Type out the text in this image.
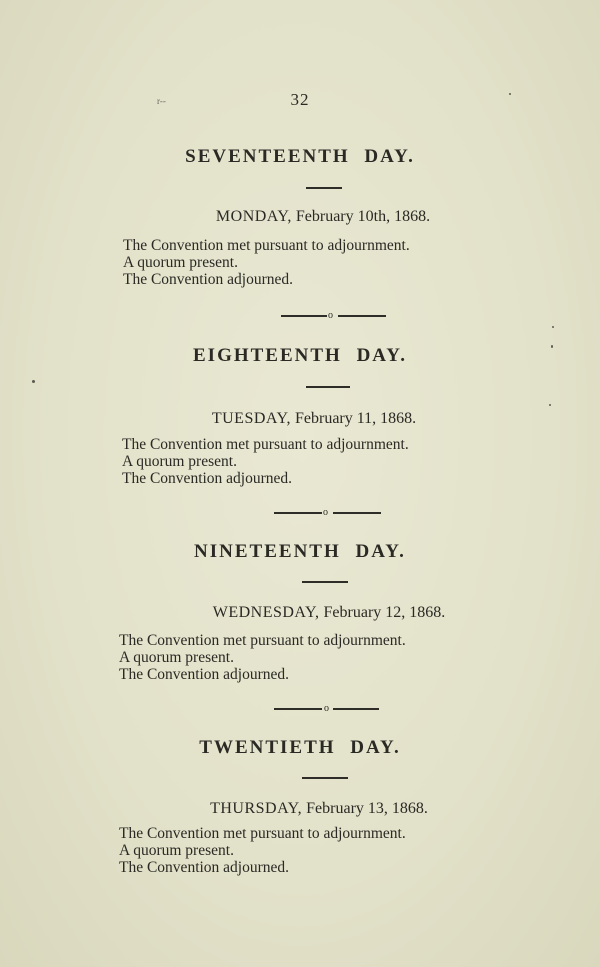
r--	32
SEVENTEENTH DAY.
MONDAY, February 10th, 1868.
The Convention met pursuant to adjournment.
A quorum present.
The Convention adjourned.
o
EIGHTEENTH DAY.
TUESDAY, February 11, 1868.
The Convention met pursuant to adjournment.
A quorum present.
The Convention adjourned.
o
NINETEENTH DAY.
WEDNESDAY, February 12, 1868.
The Convention met pursuant to adjournment.
A quorum present.
The Convention adjourned.
o
TWENTIETH DAY.
THURSDAY, February 13, 1868.
The Convention met pursuant to adjournment.
A quorum present.
The Convention adjourned.
